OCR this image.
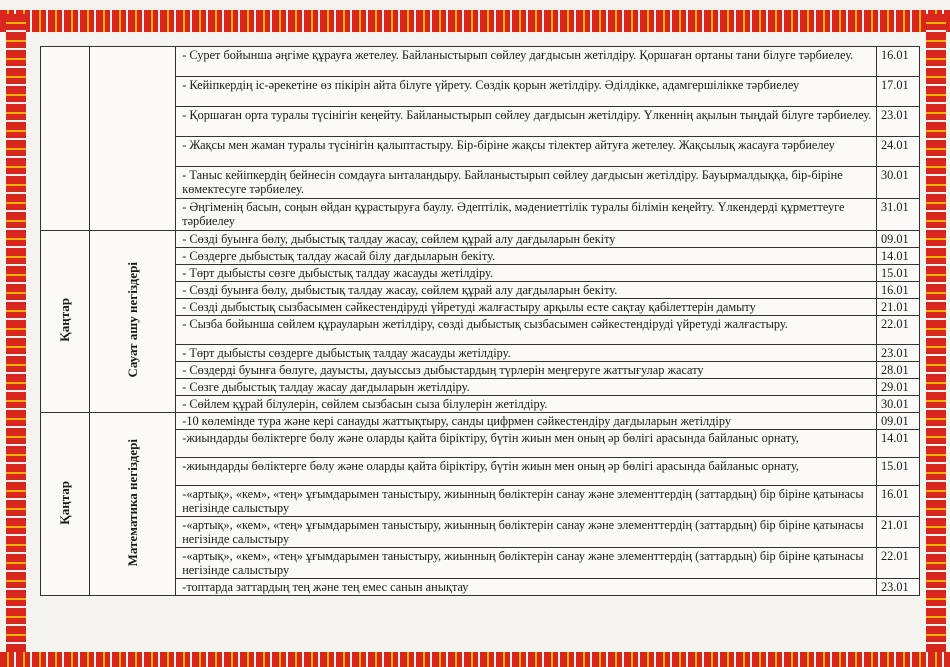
		- Сурет бойынша әңгіме құрауға жетелеу. Байланыстырып сөйлеу дағдысын жетілдіру. Қоршаған ортаны тани білуге тәрбиелеу.	16.01
		- Кейіпкердің іс-әрекетіне өз пікірін айта білуге үйрету. Сөздік қорын жетілдіру. Әділдікке, адамгершілікке тәрбиелеу	17.01
		- Қоршаған орта туралы түсінігін кеңейту. Байланыстырып сөйлеу дағдысын жетілдіру. Үлкеннің ақылын тыңдай білуге тәрбиелеу.	23.01
		- Жақсы мен жаман туралы түсінігін қалыптастыру. Бір-біріне жақсы тілектер айтуға жетелеу. Жақсылық жасауға тәрбиелеу	24.01
		- Таныс кейіпкердің бейнесін сомдауға ынталандыру. Байланыстырып сөйлеу дағдысын жетілдіру. Бауырмалдыққа, бір-біріне көмектесуге тәрбиелеу.	30.01
		- Әңгіменің басын, соңын өйдан құрастыруға баулу. Әдептілік, мәдениеттілік туралы білімін кеңейту. Үлкендерді құрметтеуге тәрбиелеу	31.01
Қаңтар	Сауат ашу негіздері	- Сөзді буынға бөлу, дыбыстық талдау жасау, сөйлем құрай алу дағдыларын бекіту	09.01
		- Сөздерге дыбыстық талдау жасай білу дағдыларын бекіту.	14.01
		- Төрт дыбысты сөзге дыбыстық талдау жасауды жетілдіру.	15.01
		- Сөзді буынға бөлу, дыбыстық талдау жасау, сөйлем құрай алу дағдыларын бекіту.	16.01
		- Сөзді дыбыстық сызбасымен сәйкестендіруді үйретуді жалғастыру арқылы есте сақтау қабілеттерін дамыту	21.01
		- Сызба бойынша сөйлем құрауларын жетілдіру, сөзді дыбыстық сызбасымен сәйкестендіруді үйретуді жалғастыру.	22.01
		- Төрт дыбысты сөздерге дыбыстық талдау жасауды жетілдіру.	23.01
		- Сөздерді буынға бөлуге, дауысты, дауыссыз дыбыстардың түрлерін меңгеруге жаттығулар жасату	28.01
		- Сөзге дыбыстық талдау жасау дағдыларын жетілдіру.	29.01
		- Сөйлем құрай білулерін, сөйлем сызбасын сыза білулерін жетілдіру.	30.01
Қаңтар	Математика негіздері	-10 көлемінде тура және кері санауды жаттықтыру, санды цифрмен сәйкестендіру дағдыларын жетілдіру	09.01
		-жиындарды бөліктерге бөлу және оларды қайта біріктіру, бүтін жиын мен оның әр бөлігі арасында байланыс орнату,	14.01
		-жиындарды бөліктерге бөлу және оларды қайта біріктіру, бүтін жиын мен оның әр бөлігі арасында байланыс орнату,	15.01
		-«артық», «кем», «тең» ұғымдарымен таныстыру, жиынның бөліктерін санау және элементтердің (заттардың) бір біріне қатынасы негізінде салыстыру	16.01
		-«артық», «кем», «тең» ұғымдарымен таныстыру, жиынның бөліктерін санау және элементтердің (заттардың) бір біріне қатынасы негізінде салыстыру	21.01
		-«артық», «кем», «тең» ұғымдарымен таныстыру, жиынның бөліктерін санау және элементтердің (заттардың) бір біріне қатынасы негізінде салыстыру	22.01
		-топтарда заттардың тең және тең емес санын анықтау	23.01
